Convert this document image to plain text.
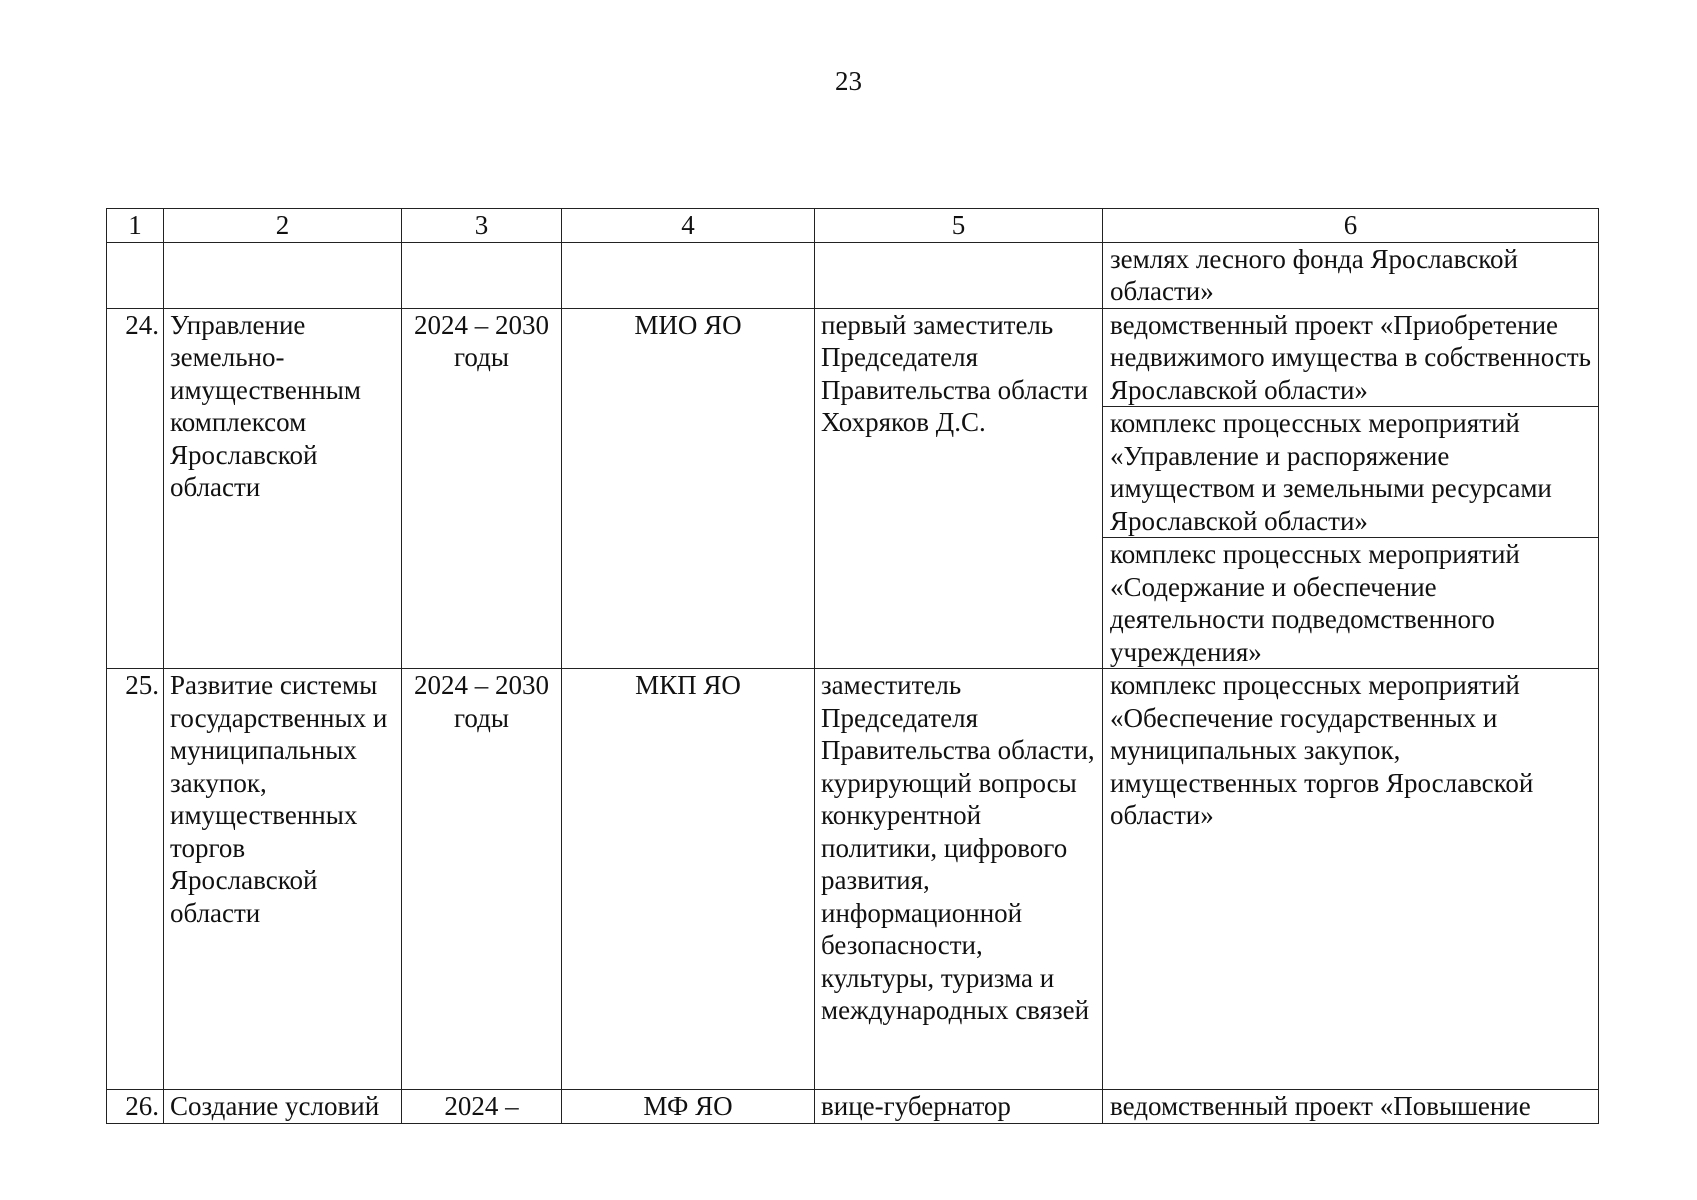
23
1	2	3	4	5	6
					землях лесного фонда Ярославской области»
24.	Управление земельно-имущественным комплексом Ярославской области	2024 – 2030 годы	МИО ЯО	первый заместитель Председателя Правительства области Хохряков Д.С.	ведомственный проект «Приобретение недвижимого имущества в собственность Ярославской области»
					комплекс процессных мероприятий «Управление и распоряжение имуществом и земельными ресурсами Ярославской области»
					комплекс процессных мероприятий «Содержание и обеспечение деятельности подведомственного учреждения»
25.	Развитие системы государственных и муниципальных закупок, имущественных торгов Ярославской области	2024 – 2030 годы	МКП ЯО	заместитель Председателя Правительства области, курирующий вопросы конкурентной политики, цифрового развития, информационной безопасности, культуры, туризма и международных связей	комплекс процессных мероприятий «Обеспечение государственных и муниципальных закупок, имущественных торгов Ярославской области»
26.	Создание условий	2024 –	МФ ЯО	вице-губернатор	ведомственный проект «Повышение
